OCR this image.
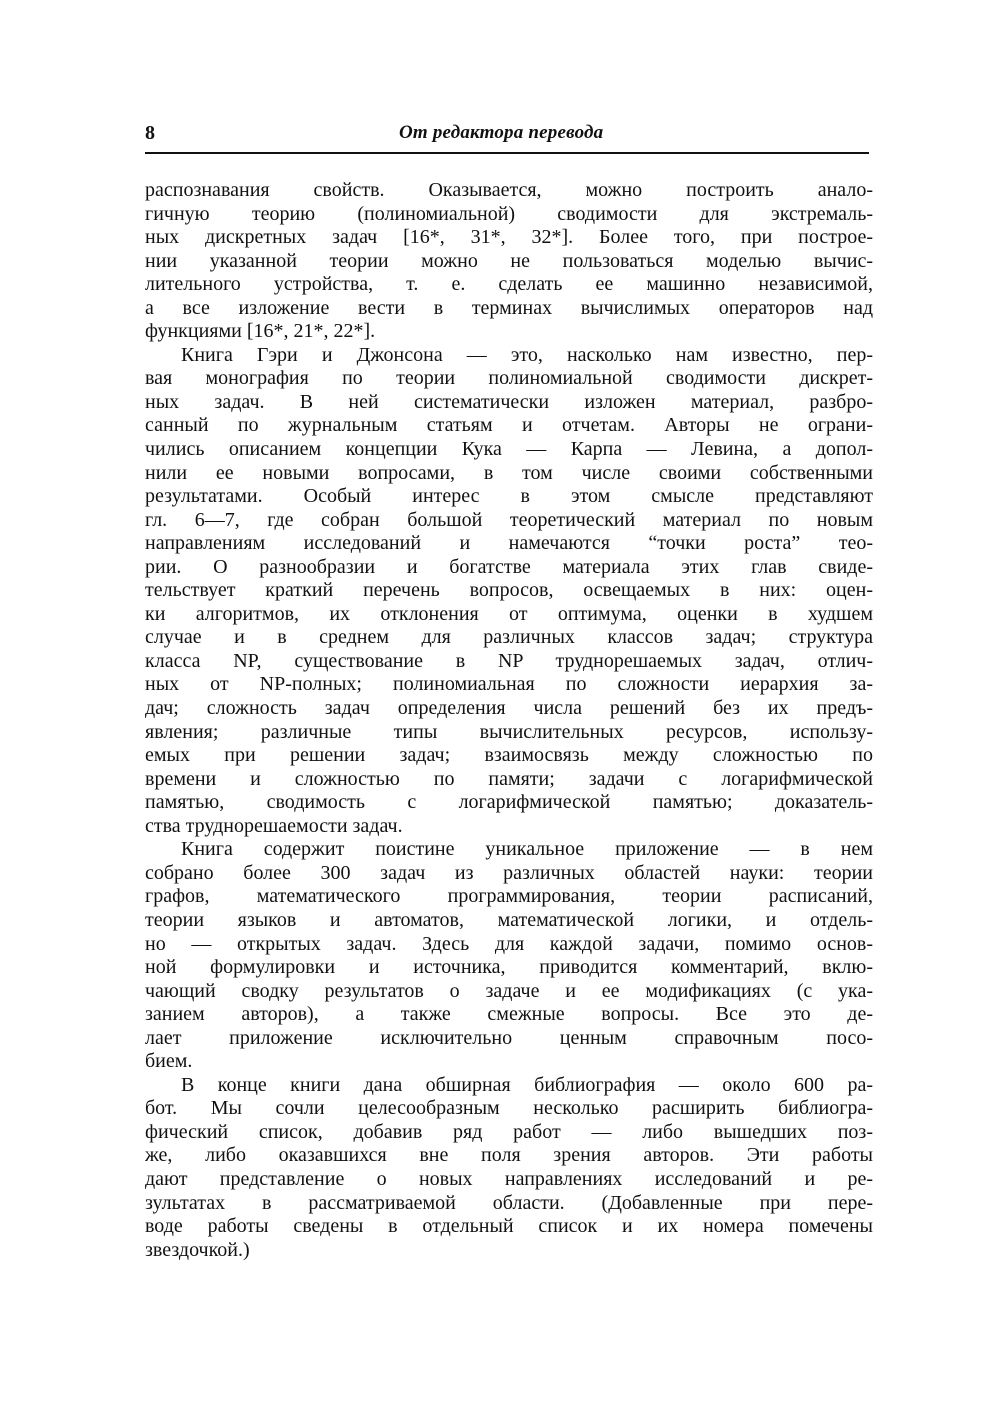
8	От редактора перевода
распознавания свойств. Оказывается, можно построить анало-
гичную теорию (полиномиальной) сводимости для экстремаль-
ных дискретных задач [16*, 31*, 32*]. Более того, при построе-
нии указанной теории можно не пользоваться моделью вычис-
лительного устройства, т. е. сделать ее машинно независимой,
а все изложение вести в терминах вычислимых операторов над
функциями [16*, 21*, 22*].
Книга Гэри и Джонсона — это, насколько нам известно, пер-
вая монография по теории полиномиальной сводимости дискрет-
ных задач. В ней систематически изложен материал, разбро-
санный по журнальным статьям и отчетам. Авторы не ограни-
чились описанием концепции Кука — Карпа — Левина, а допол-
нили ее новыми вопросами, в том числе своими собственными
результатами. Особый интерес в этом смысле представляют
гл. 6—7, где собран большой теоретический материал по новым
направлениям исследований и намечаются “точки роста” тео-
рии. О разнообразии и богатстве материала этих глав свиде-
тельствует краткий перечень вопросов, освещаемых в них: оцен-
ки алгоритмов, их отклонения от оптимума, оценки в худшем
случае и в среднем для различных классов задач; структура
класса NP, существование в NP труднорешаемых задач, отлич-
ных от NP-полных; полиномиальная по сложности иерархия за-
дач; сложность задач определения числа решений без их предъ-
явления; различные типы вычислительных ресурсов, использу-
емых при решении задач; взаимосвязь между сложностью по
времени и сложностью по памяти; задачи с логарифмической
памятью, сводимость с логарифмической памятью; доказатель-
ства труднорешаемости задач.
Книга содержит поистине уникальное приложение — в нем
собрано более 300 задач из различных областей науки: теории
графов, математического программирования, теории расписаний,
теории языков и автоматов, математической логики, и отдель-
но — открытых задач. Здесь для каждой задачи, помимо основ-
ной формулировки и источника, приводится комментарий, вклю-
чающий сводку результатов о задаче и ее модификациях (с ука-
занием авторов), а также смежные вопросы. Все это де-
лает приложение исключительно ценным справочным посо-
бием.
В конце книги дана обширная библиография — около 600 ра-
бот. Мы сочли целесообразным несколько расширить библиогра-
фический список, добавив ряд работ — либо вышедших поз-
же, либо оказавшихся вне поля зрения авторов. Эти работы
дают представление о новых направлениях исследований и ре-
зультатах в рассматриваемой области. (Добавленные при пере-
воде работы сведены в отдельный список и их номера помечены
звездочкой.)
